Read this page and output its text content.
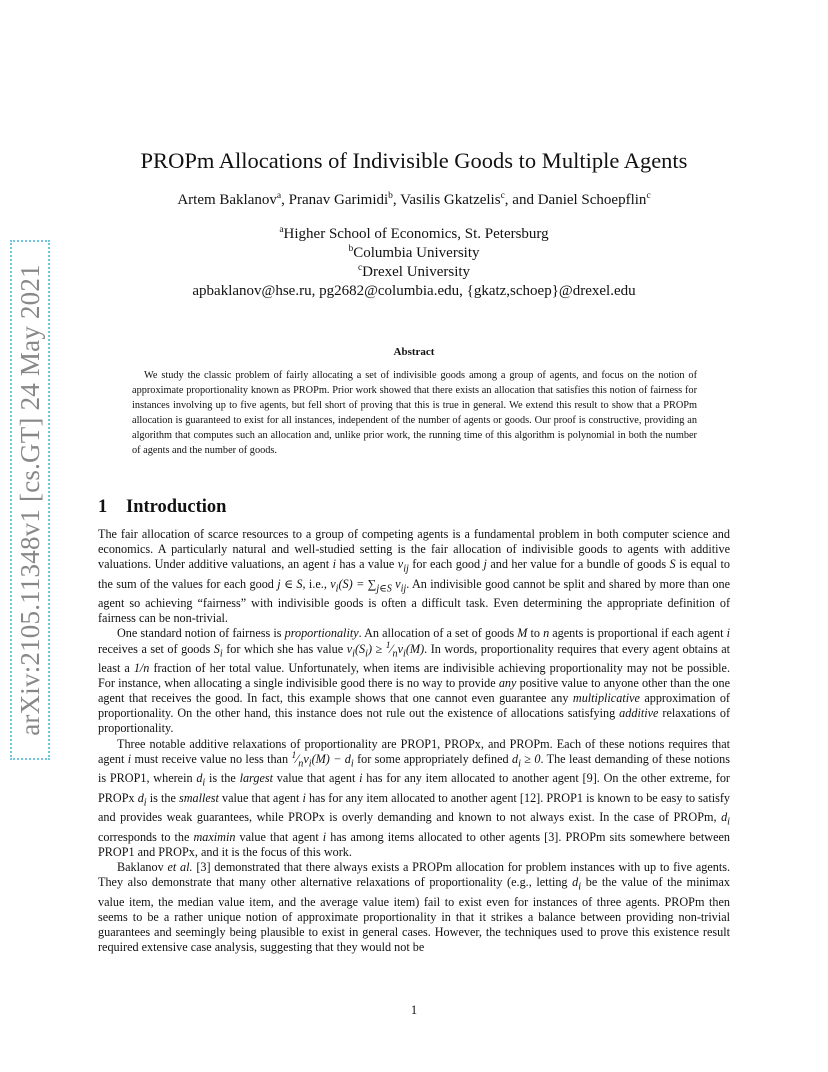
arXiv:2105.11348v1 [cs.GT] 24 May 2021
PROPm Allocations of Indivisible Goods to Multiple Agents
Artem Baklanov$^a$, Pranav Garimidi$^b$, Vasilis Gkatzelis$^c$, and Daniel Schoepflin$^c$
$^a$Higher School of Economics, St. Petersburg
$^b$Columbia University
$^c$Drexel University
apbaklanov@hse.ru, pg2682@columbia.edu, {gkatz,schoep}@drexel.edu
Abstract

We study the classic problem of fairly allocating a set of indivisible goods among a group of agents, and focus on the notion of approximate proportionality known as PROPm. Prior work showed that there exists an allocation that satisfies this notion of fairness for instances involving up to five agents, but fell short of proving that this is true in general. We extend this result to show that a PROPm allocation is guaranteed to exist for all instances, independent of the number of agents or goods. Our proof is constructive, providing an algorithm that computes such an allocation and, unlike prior work, the running time of this algorithm is polynomial in both the number of agents and the number of goods.

1 Introduction

The fair allocation of scarce resources to a group of competing agents is a fundamental problem in both computer science and economics. A particularly natural and well-studied setting is the fair allocation of indivisible goods to agents with additive valuations. Under additive valuations, an agent i has a value $v_{ij}$ for each good j and her value for a bundle of goods S is equal to the sum of the values for each good j ∈ S, i.e., $v_i(S) = \sum_{j\in S}$ $v_{ij}$. An indivisible good cannot be split and shared by more than one agent so achieving “fairness” with indivisible goods is often a difficult task. Even determining the appropriate definition of fairness can be non-trivial.

One standard notion of fairness is proportionality. An allocation of a set of goods M to n agents is proportional if each agent i receives a set of goods $S_i$ for which she has value $v_i(S_i)$ ≥ $^1⁄_nv_i(M)$. In words, proportionality requires that every agent obtains at least a 1/n fraction of her total value. Unfortunately, when items are indivisible achieving proportionality may not be possible. For instance, when allocating a single indivisible good there is no way to provide any positive value to anyone other than the one agent that receives the good. In fact, this example shows that one cannot even guarantee any multiplicative approximation of proportionality. On the other hand, this instance does not rule out the existence of allocations satisfying additive relaxations of proportionality.

Three notable additive relaxations of proportionality are PROP1, PROPx, and PROPm. Each of these notions requires that agent i must receive value no less than $^1⁄_nv_i(M) - d_i$ for some appropriately defined $d_i \ge 0$. The least demanding of these notions is PROP1, wherein $d_i$ is the largest value that agent i has for any item allocated to another agent [9]. On the other extreme, for PROPx $d_i$ is the smallest value that agent i has for any item allocated to another agent [12]. PROP1 is known to be easy to satisfy and provides weak guarantees, while PROPx is overly demanding and known to not always exist. In the case of PROPm, $d_i$ corresponds to the maximin value that agent i has among items allocated to other agents [3]. PROPm sits somewhere between PROP1 and PROPx, and it is the focus of this work.

Baklanov et al. [3] demonstrated that there always exists a PROPm allocation for problem instances with up to five agents. They also demonstrate that many other alternative relaxations of proportionality (e.g., letting $d_i$ be the value of the minimax value item, the median value item, and the average value item) fail to exist even for instances of three agents. PROPm then seems to be a rather unique notion of approximate proportionality in that it strikes a balance between providing non-trivial guarantees and seemingly being plausible to exist in general cases. However, the techniques used to prove this existence result required extensive case analysis, suggesting that they would not be

1
